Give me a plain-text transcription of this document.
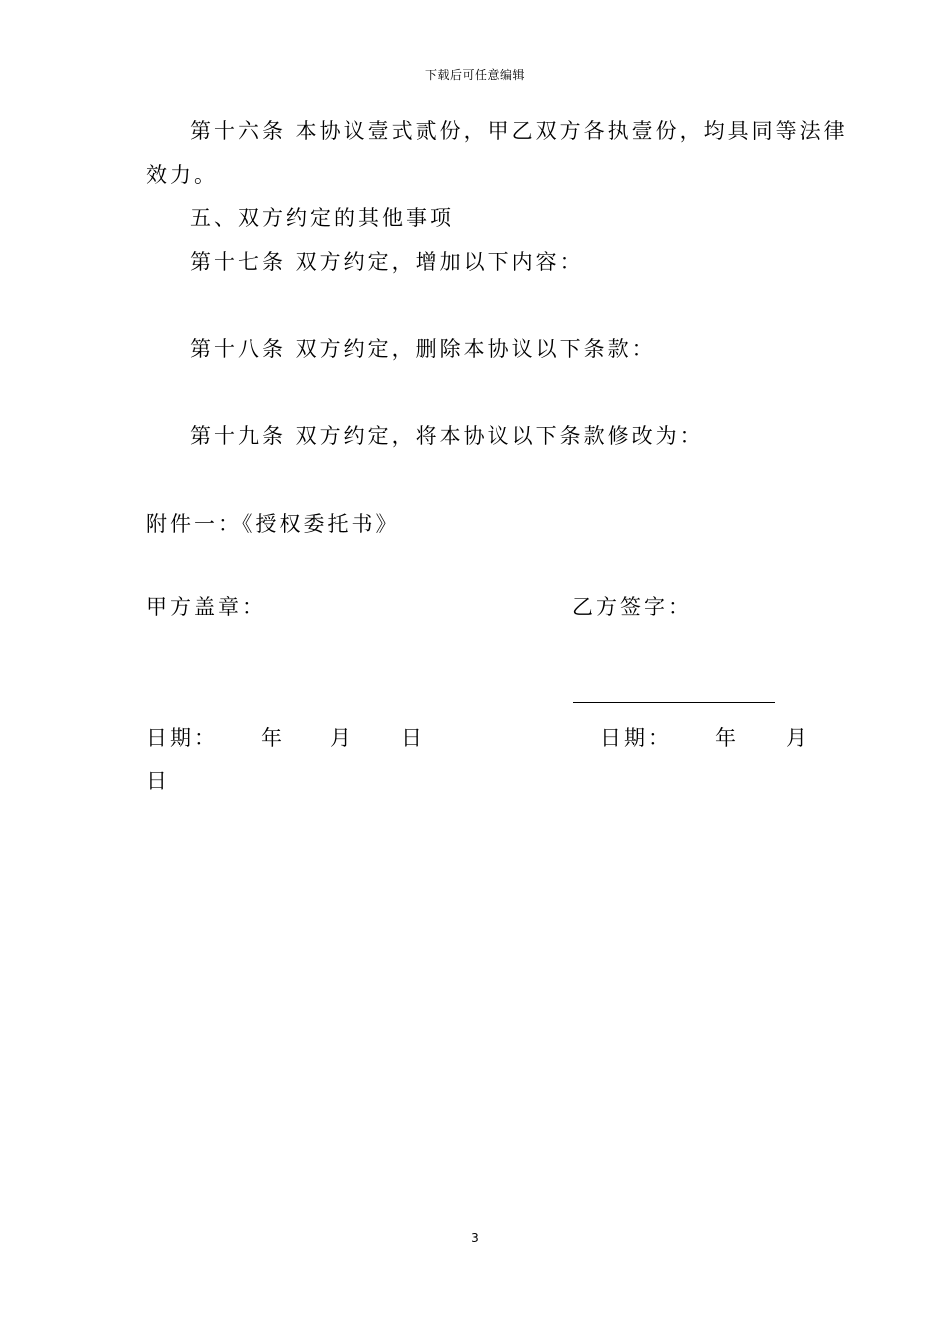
下载后可任意编辑
第十六条 本协议壹式贰份，甲乙双方各执壹份，均具同等法律
效力。
五、双方约定的其他事项
第十七条 双方约定，增加以下内容：
第十八条 双方约定，删除本协议以下条款：
第十九条 双方约定，将本协议以下条款修改为：
附件一：《授权委托书》
甲方盖章：	乙方签字：
日期： 年 月 日	日期： 年 月
日
3
